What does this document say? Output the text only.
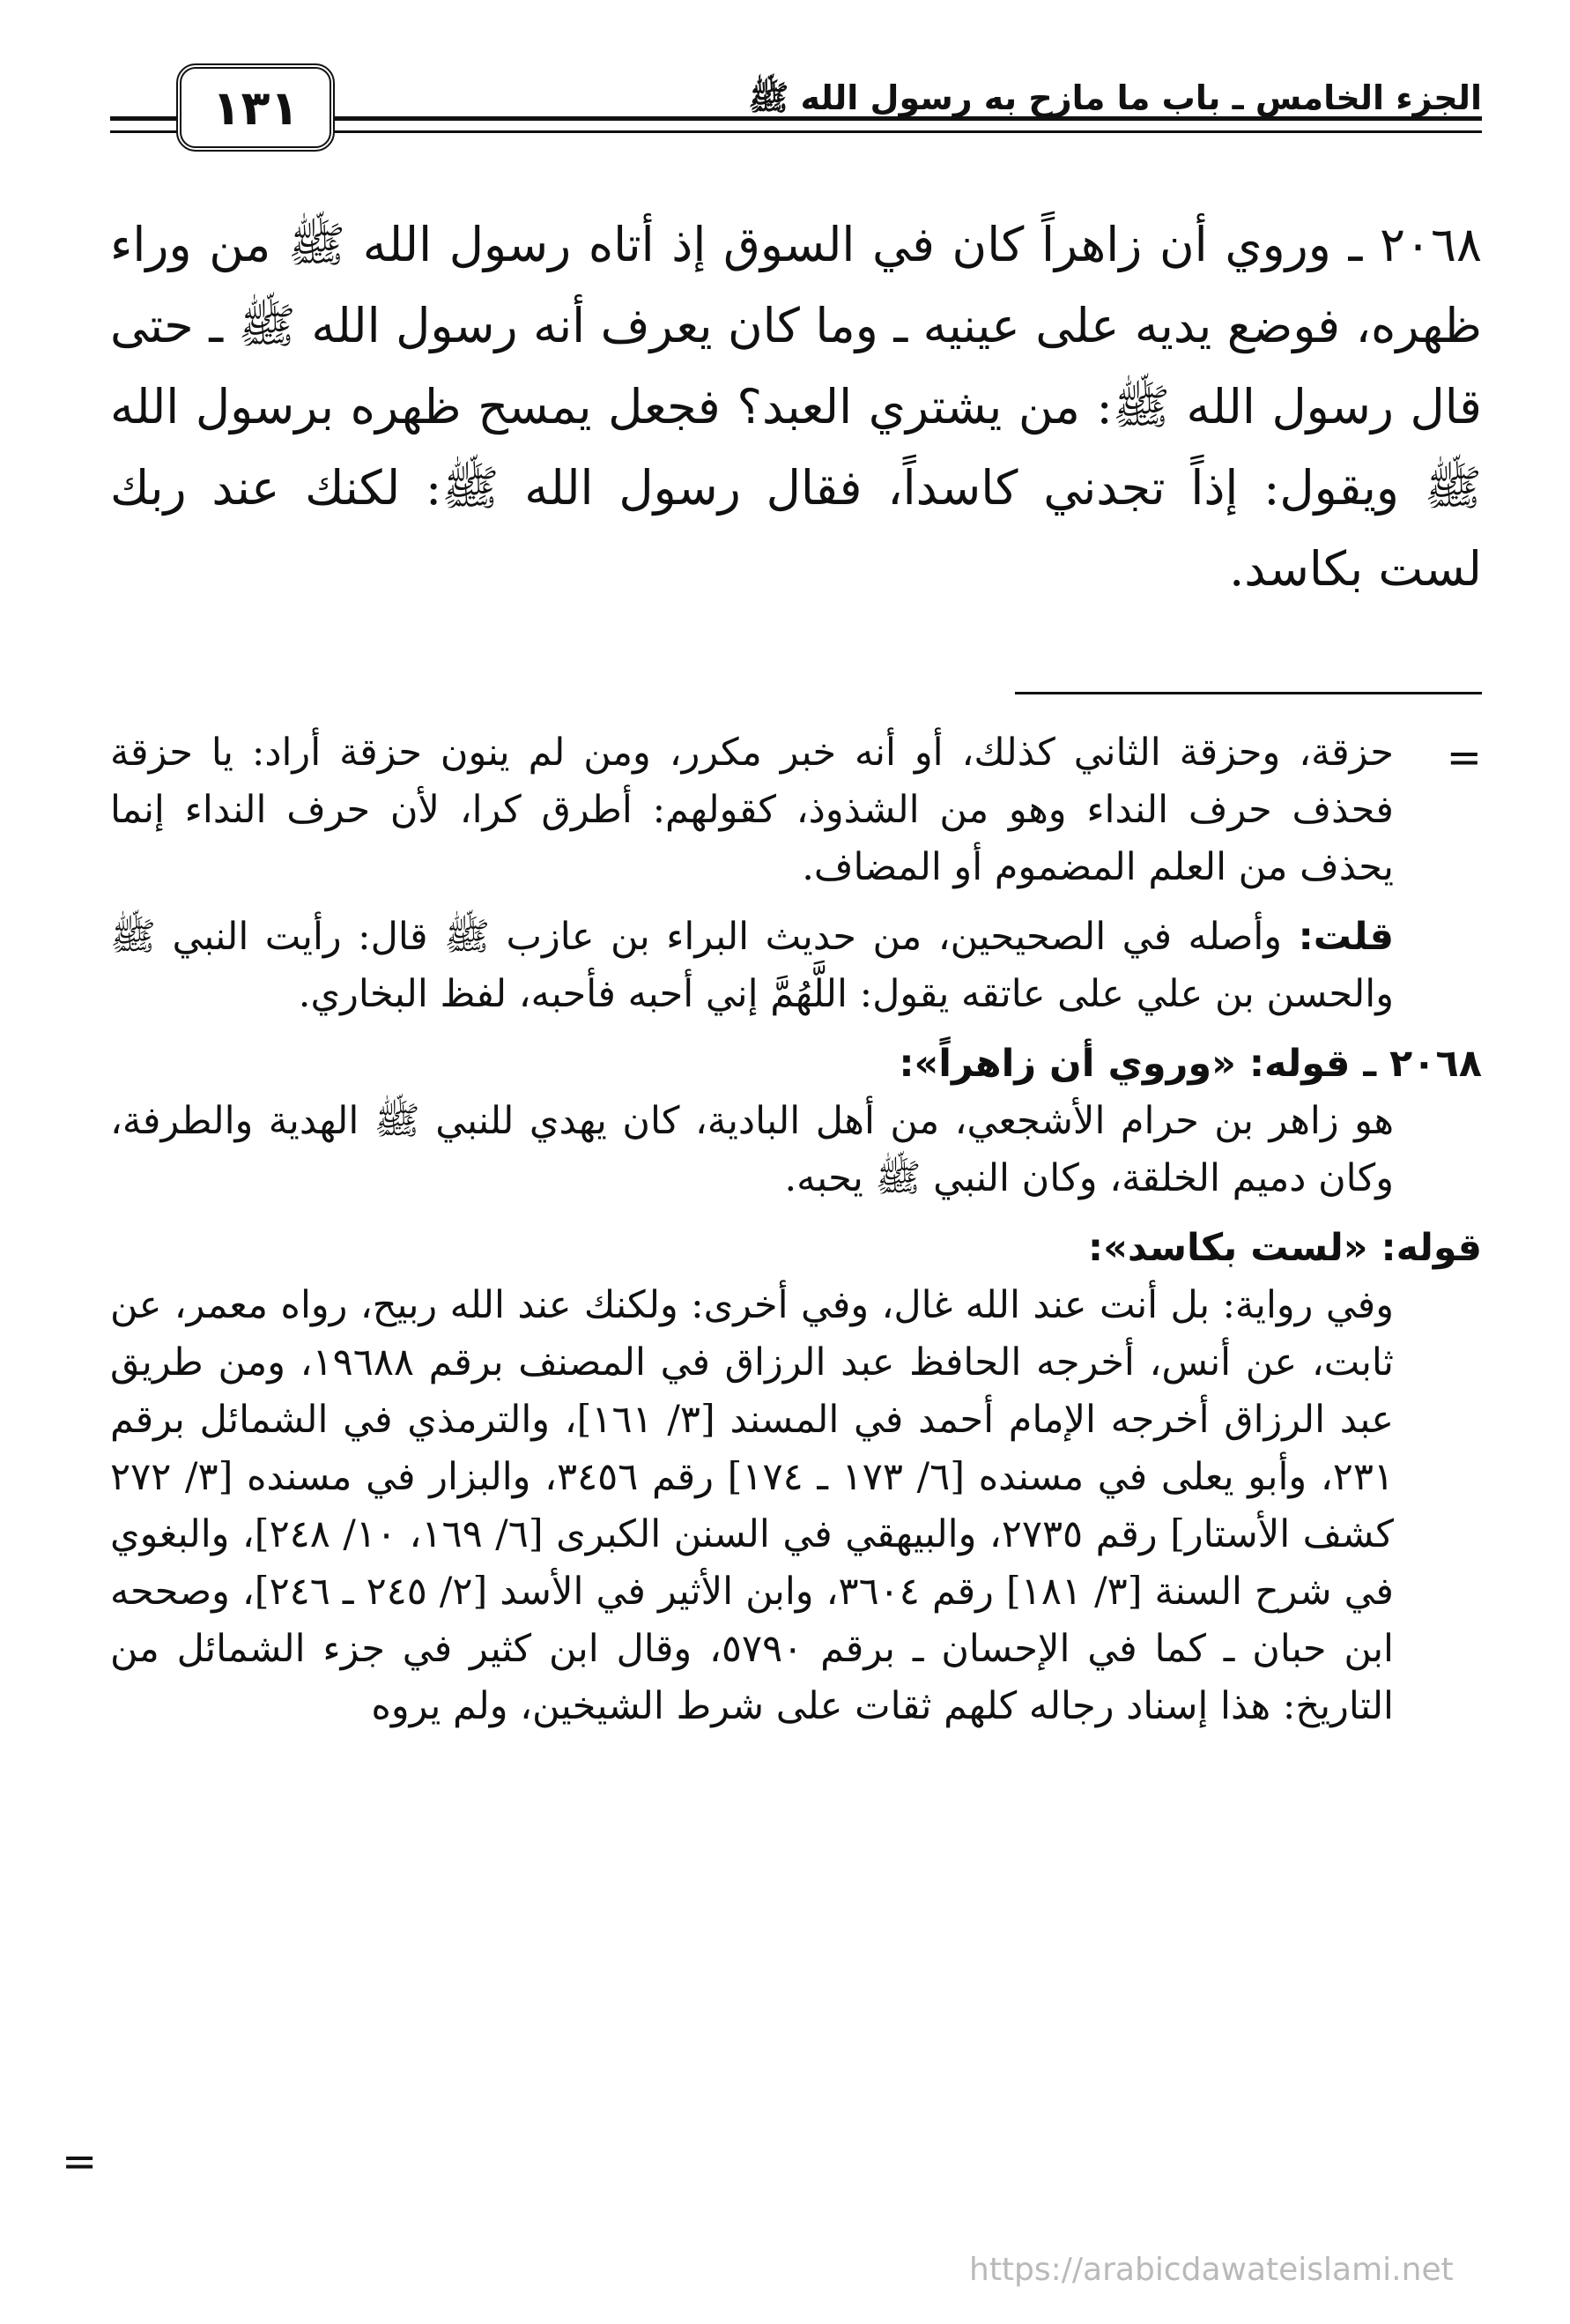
الجزء الخامس ـ باب ما مازح به رسول الله ﷺ
١٣١

٢٠٦٨ ـ وروي أن زاهراً كان في السوق إذ أتاه رسول الله ﷺ من وراء ظهره، فوضع يديه على عينيه ـ وما كان يعرف أنه رسول الله ﷺ ـ حتى قال رسول الله ﷺ: من يشتري العبد؟ فجعل يمسح ظهره برسول الله ﷺ ويقول: إذاً تجدني كاسداً، فقال رسول الله ﷺ: لكنك عند ربك لست بكاسد.

=

حزقة، وحزقة الثاني كذلك، أو أنه خبر مكرر، ومن لم ينون حزقة أراد: يا حزقة فحذف حرف النداء وهو من الشذوذ، كقولهم: أطرق كرا، لأن حرف النداء إنما يحذف من العلم المضموم أو المضاف.

قلت: وأصله في الصحيحين، من حديث البراء بن عازب ﷺ قال: رأيت النبي ﷺ والحسن بن علي على عاتقه يقول: اللَّهُمَّ إني أحبه فأحبه، لفظ البخاري.

٢٠٦٨ ـ قوله: «وروي أن زاهراً»:

هو زاهر بن حرام الأشجعي، من أهل البادية، كان يهدي للنبي ﷺ الهدية والطرفة، وكان دميم الخلقة، وكان النبي ﷺ يحبه.

قوله: «لست بكاسد»:

وفي رواية: بل أنت عند الله غال، وفي أخرى: ولكنك عند الله ربيح، رواه معمر، عن ثابت، عن أنس، أخرجه الحافظ عبد الرزاق في المصنف برقم ١٩٦٨٨، ومن طريق عبد الرزاق أخرجه الإمام أحمد في المسند [٣/ ١٦١]، والترمذي في الشمائل برقم ٢٣١، وأبو يعلى في مسنده [٦/ ١٧٣ ـ ١٧٤] رقم ٣٤٥٦، والبزار في مسنده [٣/ ٢٧٢ كشف الأستار] رقم ٢٧٣٥، والبيهقي في السنن الكبرى [٦/ ١٦٩، ١٠/ ٢٤٨]، والبغوي في شرح السنة [٣/ ١٨١] رقم ٣٦٠٤، وابن الأثير في الأسد [٢/ ٢٤٥ ـ ٢٤٦]، وصححه ابن حبان ـ كما في الإحسان ـ برقم ٥٧٩٠، وقال ابن كثير في جزء الشمائل من التاريخ: هذا إسناد رجاله كلهم ثقات على شرط الشيخين، ولم يروه

=
https://arabicdawateislami.net
